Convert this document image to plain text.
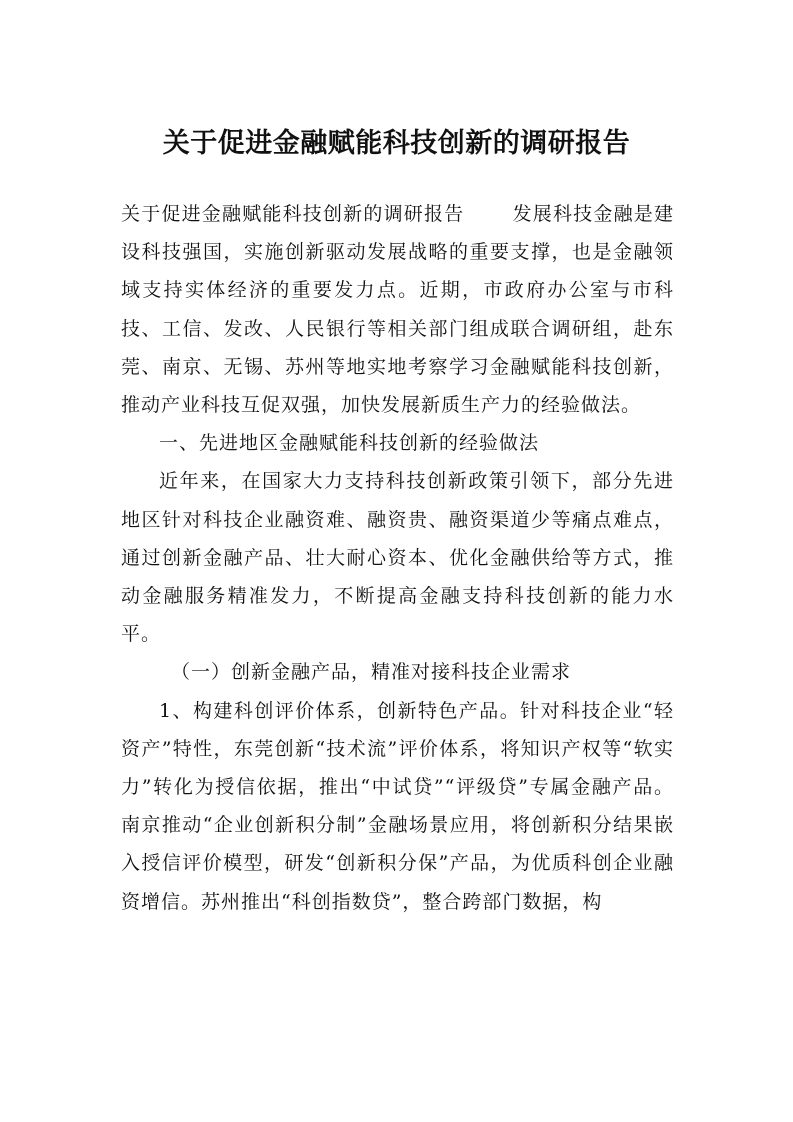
关于促进金融赋能科技创新的调研报告

关于促进金融赋能科技创新的调研报告	发展科技金融是建设科技强国，实施创新驱动发展战略的重要支撑，也是金融领域支持实体经济的重要发力点。近期，市政府办公室与市科技、工信、发改、人民银行等相关部门组成联合调研组，赴东莞、南京、无锡、苏州等地实地考察学习金融赋能科技创新，推动产业科技互促双强，加快发展新质生产力的经验做法。

一、先进地区金融赋能科技创新的经验做法

近年来，在国家大力支持科技创新政策引领下，部分先进地区针对科技企业融资难、融资贵、融资渠道少等痛点难点，通过创新金融产品、壮大耐心资本、优化金融供给等方式，推动金融服务精准发力，不断提高金融支持科技创新的能力水平。

（一）创新金融产品，精准对接科技企业需求

1、构建科创评价体系，创新特色产品。针对科技企业“轻资产”特性，东莞创新“技术流”评价体系，将知识产权等“软实力”转化为授信依据，推出“中试贷”“评级贷”专属金融产品。南京推动“企业创新积分制”金融场景应用，将创新积分结果嵌入授信评价模型，研发“创新积分保”产品，为优质科创企业融资增信。苏州推出“科创指数贷”，整合跨部门数据，构
